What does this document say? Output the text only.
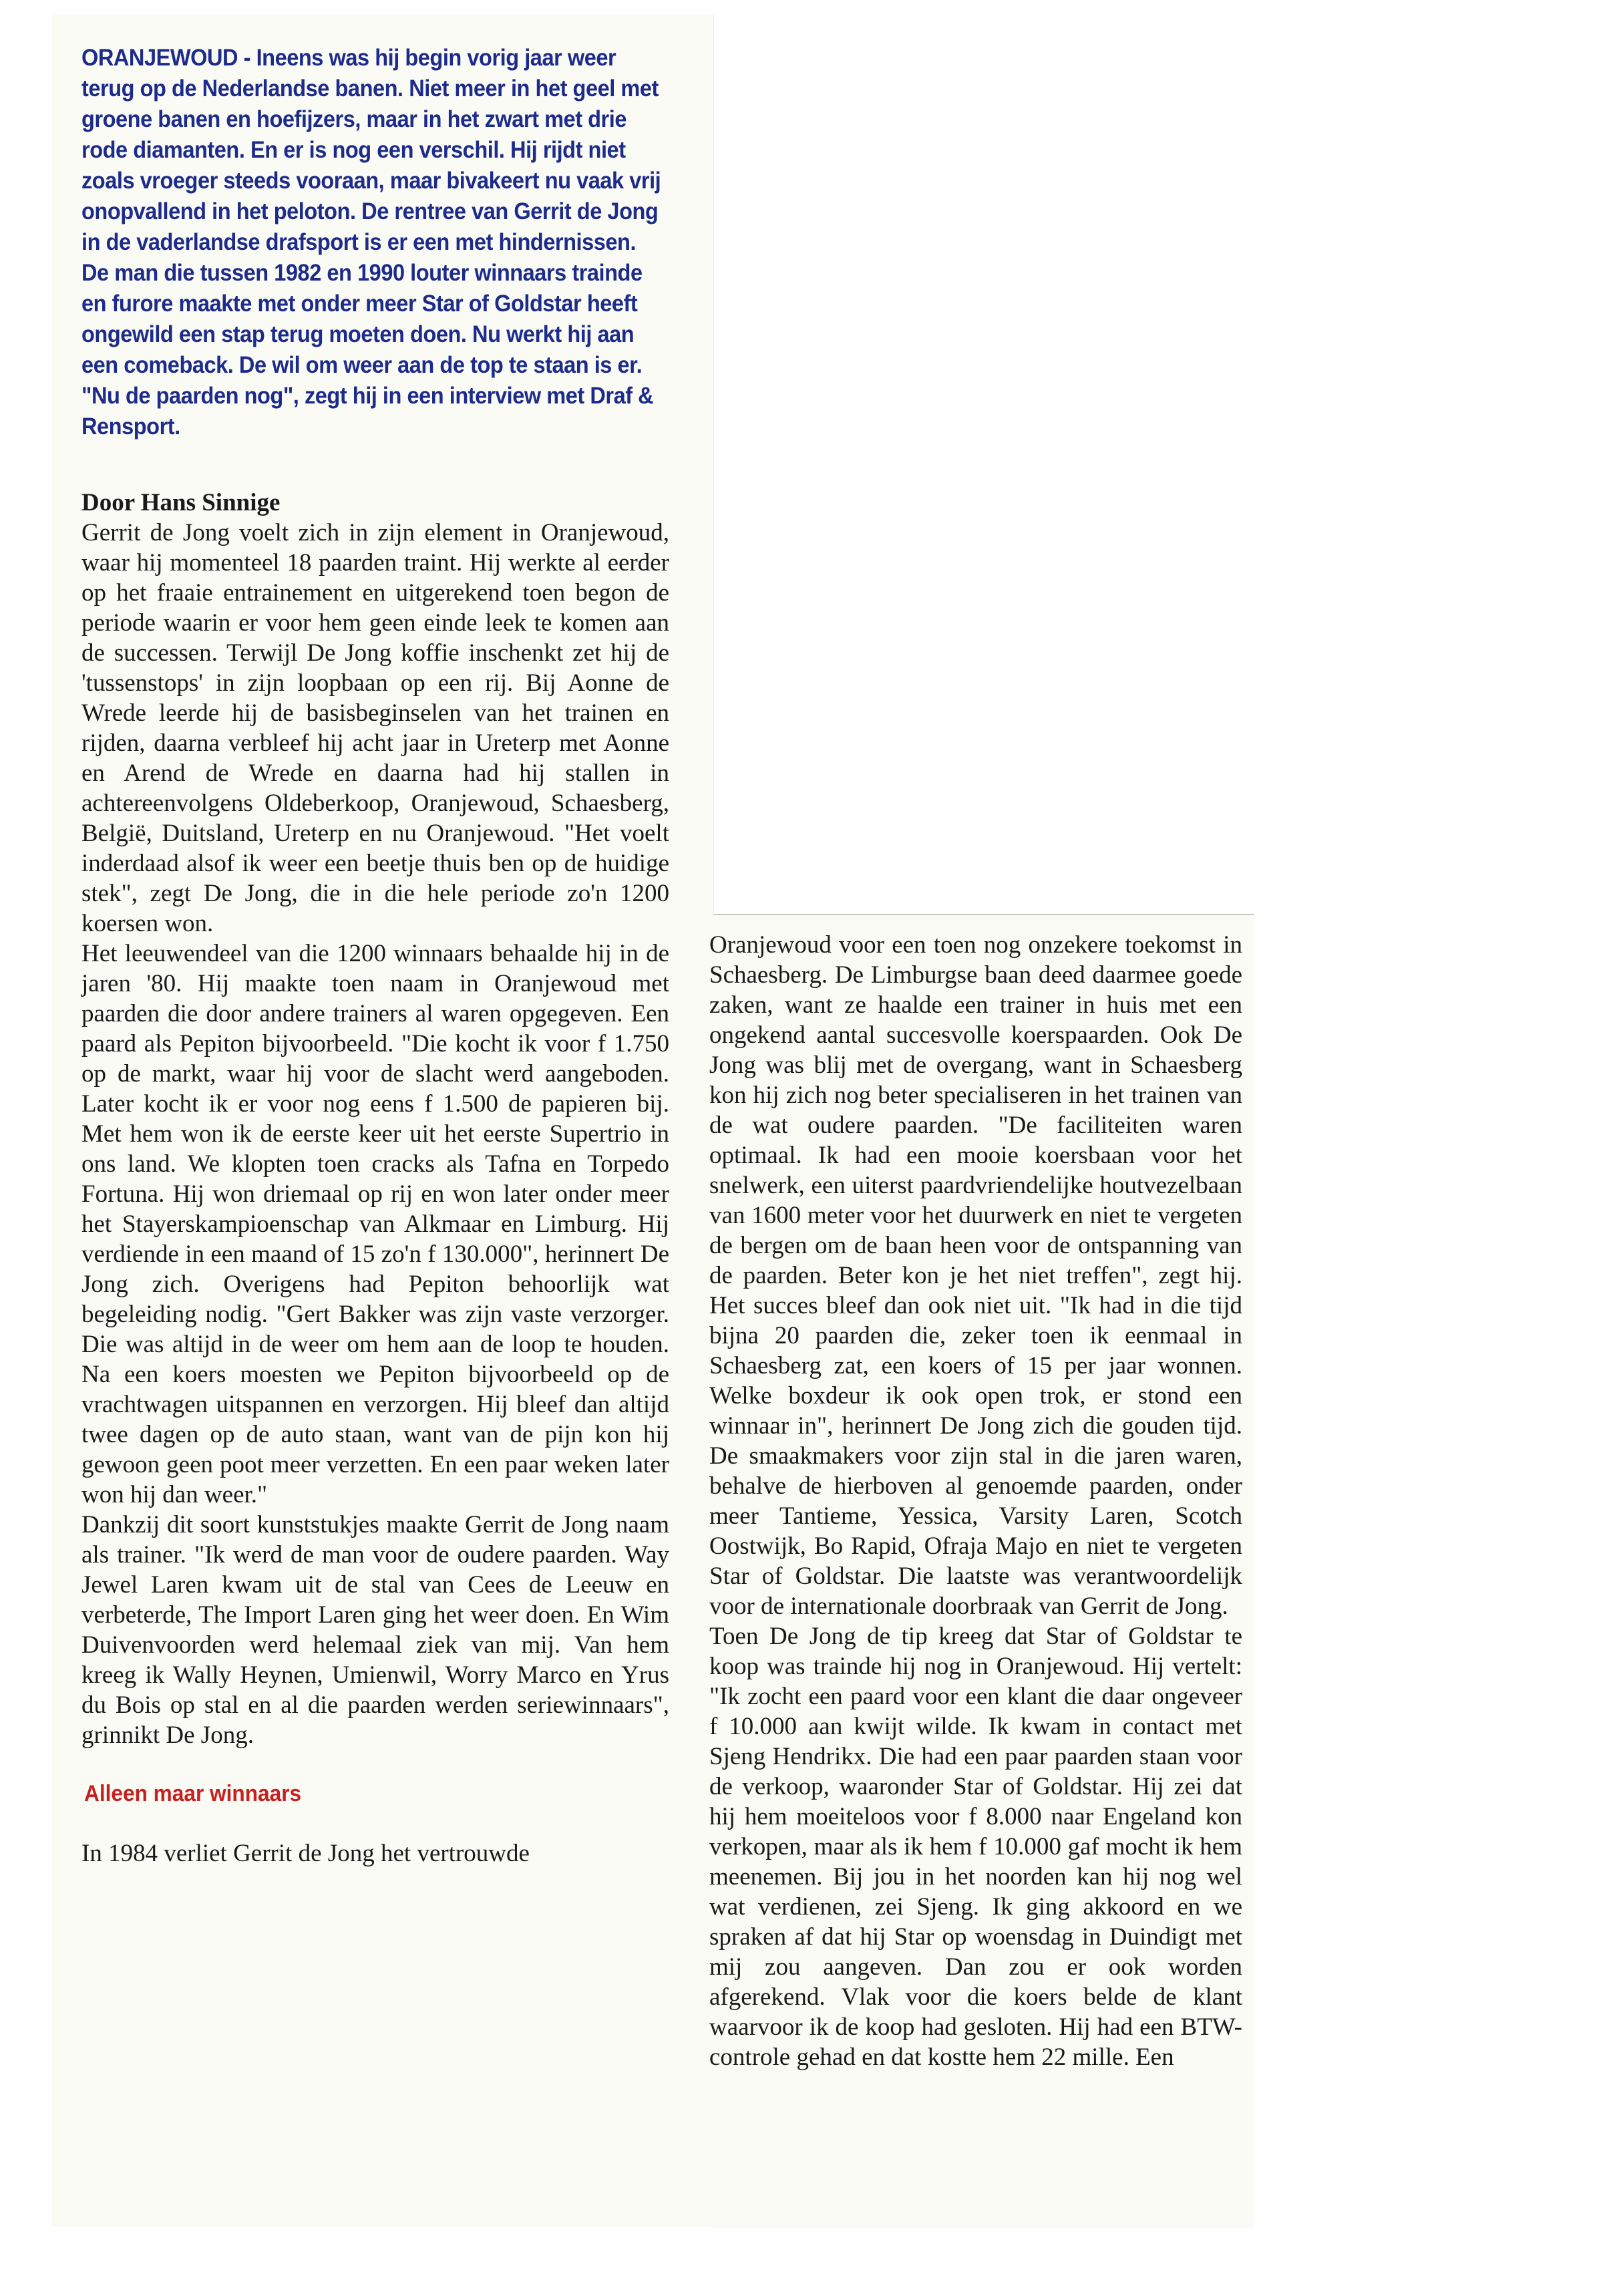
ORANJEWOUD - Ineens was hij begin vorig jaar weer terug op de Nederlandse banen. Niet meer in het geel met groene banen en hoefijzers, maar in het zwart met drie rode diamanten. En er is nog een verschil. Hij rijdt niet zoals vroeger steeds vooraan, maar bivakeert nu vaak vrij onopvallend in het peloton. De rentree van Gerrit de Jong in de vaderlandse drafsport is er een met hindernissen. De man die tussen 1982 en 1990 louter winnaars trainde en furore maakte met onder meer Star of Goldstar heeft ongewild een stap terug moeten doen. Nu werkt hij aan een comeback. De wil om weer aan de top te staan is er. "Nu de paarden nog", zegt hij in een interview met Draf & Rensport.

Door Hans Sinnige

Gerrit de Jong voelt zich in zijn element in Oranjewoud, waar hij momenteel 18 paarden traint. Hij werkte al eerder op het fraaie entrainement en uitgerekend toen begon de periode waarin er voor hem geen einde leek te komen aan de successen. Terwijl De Jong koffie inschenkt zet hij de 'tussenstops' in zijn loopbaan op een rij. Bij Aonne de Wrede leerde hij de basisbeginselen van het trainen en rijden, daarna verbleef hij acht jaar in Ureterp met Aonne en Arend de Wrede en daarna had hij stallen in achtereenvolgens Oldeberkoop, Oranjewoud, Schaesberg, België, Duitsland, Ureterp en nu Oranjewoud. "Het voelt inderdaad alsof ik weer een beetje thuis ben op de huidige stek", zegt De Jong, die in die hele periode zo'n 1200 koersen won.

Het leeuwendeel van die 1200 winnaars behaalde hij in de jaren '80. Hij maakte toen naam in Oranjewoud met paarden die door andere trainers al waren opgegeven. Een paard als Pepiton bijvoorbeeld. "Die kocht ik voor f 1.750 op de markt, waar hij voor de slacht werd aangeboden. Later kocht ik er voor nog eens f 1.500 de papieren bij. Met hem won ik de eerste keer uit het eerste Supertrio in ons land. We klopten toen cracks als Tafna en Torpedo Fortuna. Hij won driemaal op rij en won later onder meer het Stayerskampioenschap van Alkmaar en Limburg. Hij verdiende in een maand of 15 zo'n f 130.000", herinnert De Jong zich. Overigens had Pepiton behoorlijk wat begeleiding nodig. "Gert Bakker was zijn vaste verzorger. Die was altijd in de weer om hem aan de loop te houden. Na een koers moesten we Pepiton bijvoorbeeld op de vrachtwagen uitspannen en verzorgen. Hij bleef dan altijd twee dagen op de auto staan, want van de pijn kon hij gewoon geen poot meer verzetten. En een paar weken later won hij dan weer."

Dankzij dit soort kunststukjes maakte Gerrit de Jong naam als trainer. "Ik werd de man voor de oudere paarden. Way Jewel Laren kwam uit de stal van Cees de Leeuw en verbeterde, The Import Laren ging het weer doen. En Wim Duivenvoorden werd helemaal ziek van mij. Van hem kreeg ik Wally Heynen, Umienwil, Worry Marco en Yrus du Bois op stal en al die paarden werden seriewinnaars", grinnikt De Jong.

Alleen maar winnaars

In 1984 verliet Gerrit de Jong het vertrouwde

Oranjewoud voor een toen nog onzekere toekomst in Schaesberg. De Limburgse baan deed daarmee goede zaken, want ze haalde een trainer in huis met een ongekend aantal succesvolle koerspaarden. Ook De Jong was blij met de overgang, want in Schaesberg kon hij zich nog beter specialiseren in het trainen van de wat oudere paarden. "De faciliteiten waren optimaal. Ik had een mooie koersbaan voor het snelwerk, een uiterst paardvriendelijke houtvezelbaan van 1600 meter voor het duurwerk en niet te vergeten de bergen om de baan heen voor de ontspanning van de paarden. Beter kon je het niet treffen", zegt hij. Het succes bleef dan ook niet uit. "Ik had in die tijd bijna 20 paarden die, zeker toen ik eenmaal in Schaesberg zat, een koers of 15 per jaar wonnen. Welke boxdeur ik ook open trok, er stond een winnaar in", herinnert De Jong zich die gouden tijd. De smaakmakers voor zijn stal in die jaren waren, behalve de hierboven al genoemde paarden, onder meer Tantieme, Yessica, Varsity Laren, Scotch Oostwijk, Bo Rapid, Ofraja Majo en niet te vergeten Star of Goldstar. Die laatste was verantwoordelijk voor de internationale doorbraak van Gerrit de Jong.

Toen De Jong de tip kreeg dat Star of Goldstar te koop was trainde hij nog in Oranjewoud. Hij vertelt: "Ik zocht een paard voor een klant die daar ongeveer f 10.000 aan kwijt wilde. Ik kwam in contact met Sjeng Hendrikx. Die had een paar paarden staan voor de verkoop, waaronder Star of Goldstar. Hij zei dat hij hem moeiteloos voor f 8.000 naar Engeland kon verkopen, maar als ik hem f 10.000 gaf mocht ik hem meenemen. Bij jou in het noorden kan hij nog wel wat verdienen, zei Sjeng. Ik ging akkoord en we spraken af dat hij Star op woensdag in Duindigt met mij zou aangeven. Dan zou er ook worden afgerekend. Vlak voor die koers belde de klant waarvoor ik de koop had gesloten. Hij had een BTW-controle gehad en dat kostte hem 22 mille. Een
